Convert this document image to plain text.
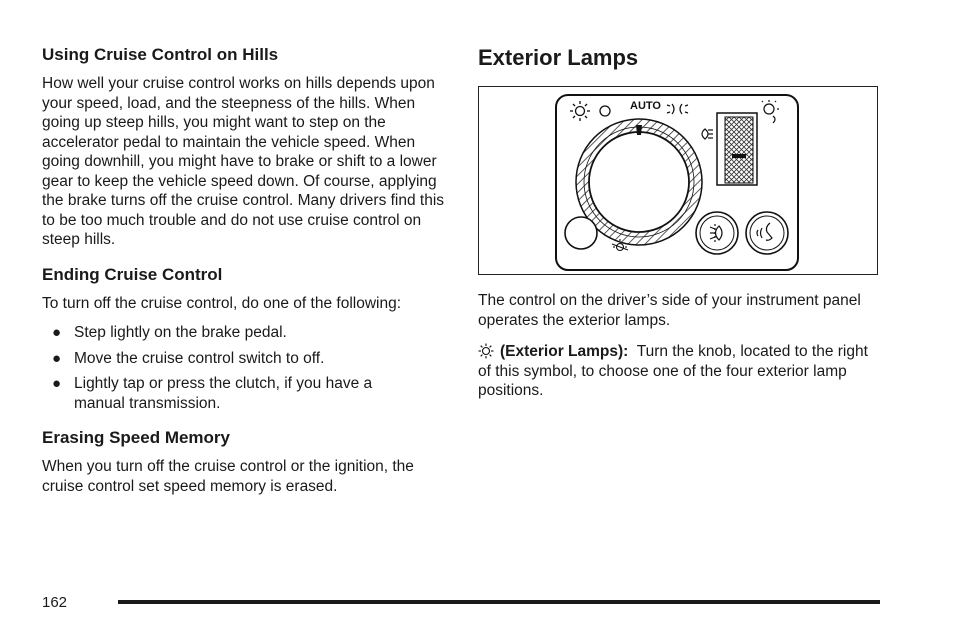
Using Cruise Control on Hills

How well your cruise control works on hills depends upon your speed, load, and the steepness of the hills. When going up steep hills, you might want to step on the accelerator pedal to maintain the vehicle speed. When going downhill, you might have to brake or shift to a lower gear to keep the vehicle speed down. Of course, applying the brake turns off the cruise control. Many drivers find this to be too much trouble and do not use cruise control on steep hills.

Ending Cruise Control

To turn off the cruise control, do one of the following:

● Step lightly on the brake pedal.
● Move the cruise control switch to off.
● Lightly tap or press the clutch, if you have a manual transmission.
Erasing Speed Memory

When you turn off the cruise control or the ignition, the cruise control set speed memory is erased.

Exterior Lamps
AUTO

The control on the driver’s side of your instrument panel operates the exterior lamps.

(Exterior Lamps): Turn the knob, located to the right of this symbol, to choose one of the four exterior lamp positions.

162
